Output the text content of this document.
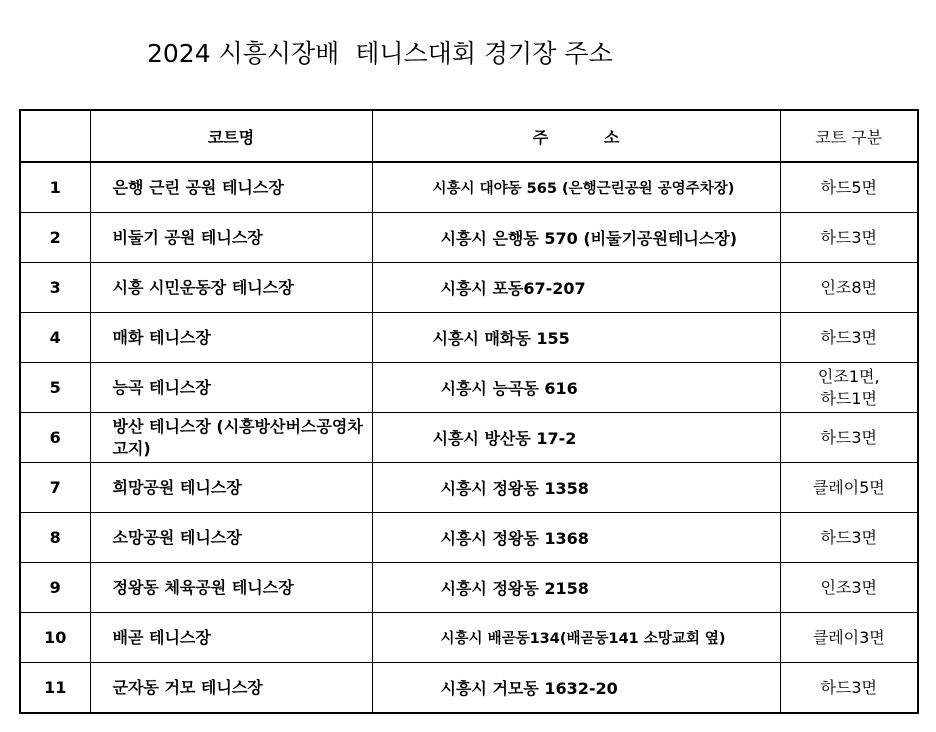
2024 시흥시장배  테니스대회 경기장 주소
	코트명	주          소	코트 구분
1	은행 근린 공원 테니스장	시흥시 대야동 565 (은행근린공원 공영주차장)	하드5면
2	비둘기 공원 테니스장	시흥시 은행동 570 (비둘기공원테니스장)	하드3면
3	시흥 시민운동장 테니스장	시흥시 포동67-207	인조8면
4	매화 테니스장	시흥시 매화동 155	하드3면
5	능곡 테니스장	시흥시 능곡동 616	인조1면,
하드1면
6	방산 테니스장 (시흥방산버스공영차고지)	시흥시 방산동 17-2	하드3면
7	희망공원 테니스장	시흥시 정왕동 1358	클레이5면
8	소망공원 테니스장	시흥시 정왕동 1368	하드3면
9	정왕동 체육공원 테니스장	시흥시 정왕동 2158	인조3면
10	배곧 테니스장	시흥시 배곧동134(배곧동141 소망교회 옆)	클레이3면
11	군자동 거모 테니스장	시흥시 거모동 1632-20	하드3면
